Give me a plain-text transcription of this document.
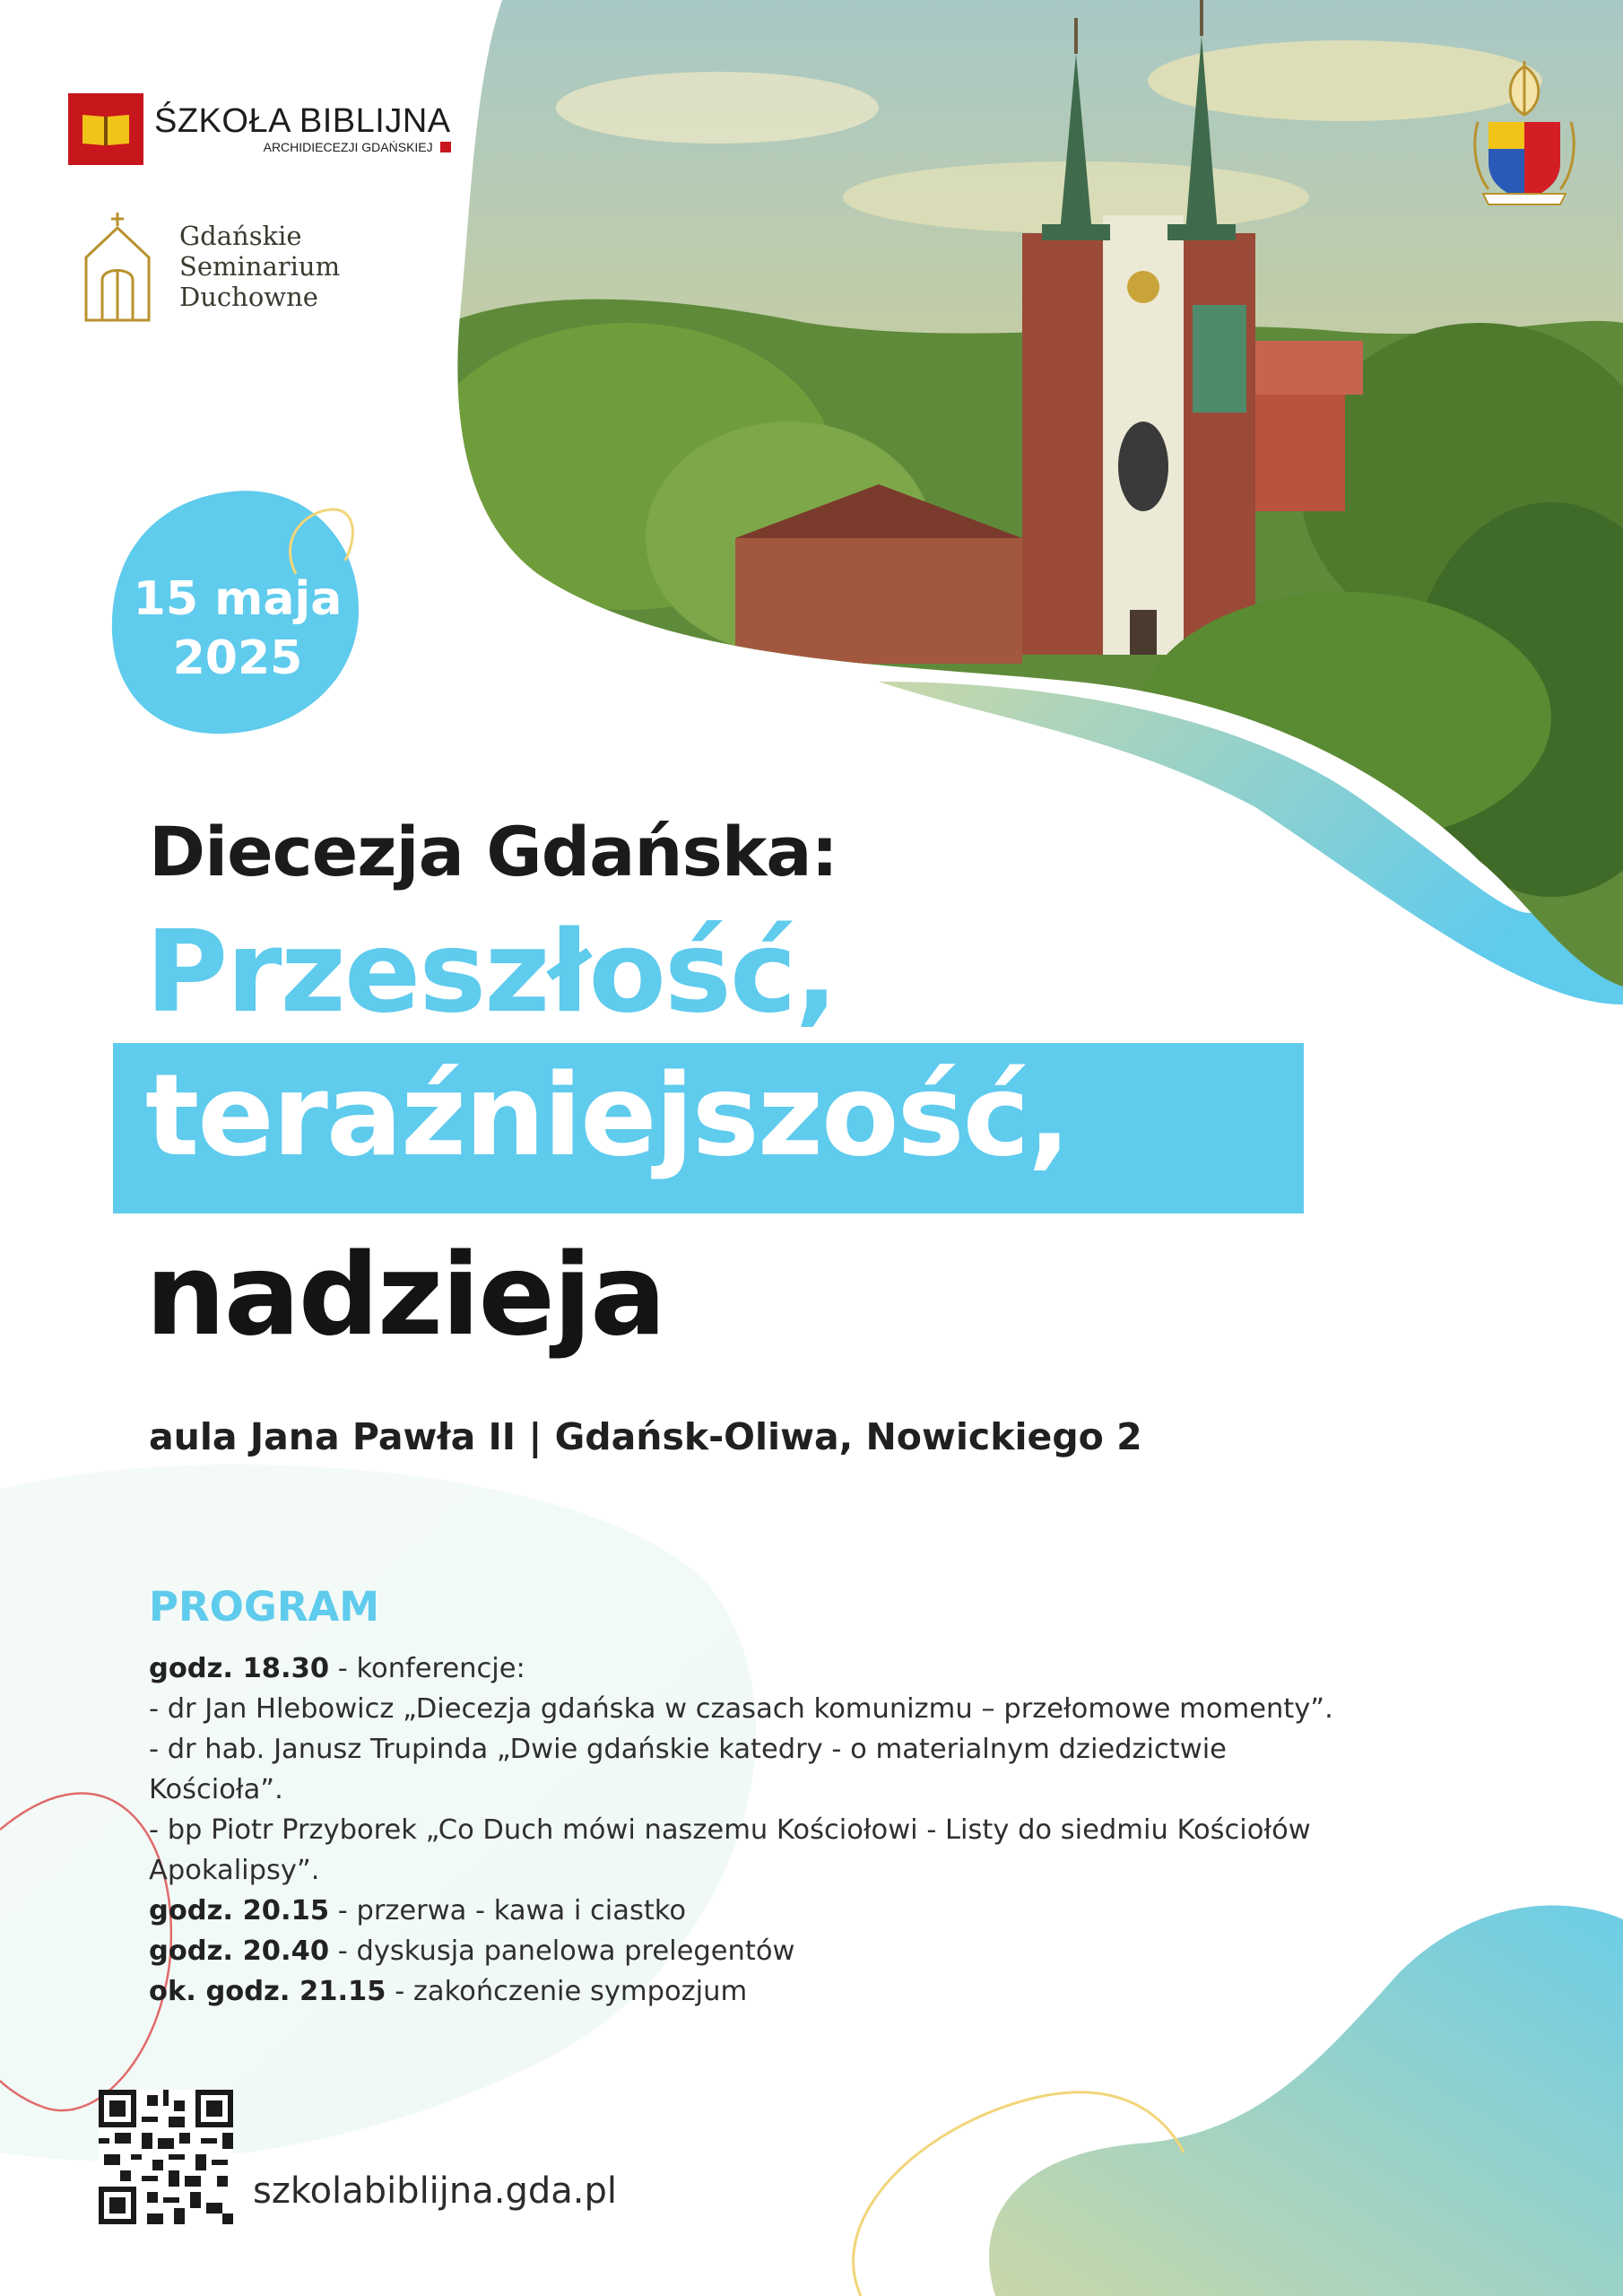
ŚZKOŁA BIBLIJNA
ARCHIDIECEZJI GDAŃSKIEJ
Gdańskie
Seminarium
Duchowne
15 maja
2025
Diecezja Gdańska:
Przeszłość,
teraźniejszość,
nadzieja
aula Jana Pawła II | Gdańsk-Oliwa, Nowickiego 2
PROGRAM
godz. 18.30 - konferencje:
- dr Jan Hlebowicz „Diecezja gdańska w czasach komunizmu – przełomowe momenty”.
- dr hab. Janusz Trupinda „Dwie gdańskie katedry - o materialnym dziedzictwie
Kościoła”.
- bp Piotr Przyborek „Co Duch mówi naszemu Kościołowi - Listy do siedmiu Kościołów
Apokalipsy”.
godz. 20.15 - przerwa - kawa i ciastko
godz. 20.40 - dyskusja panelowa prelegentów
ok. godz. 21.15 - zakończenie sympozjum
szkolabiblijna.gda.pl
